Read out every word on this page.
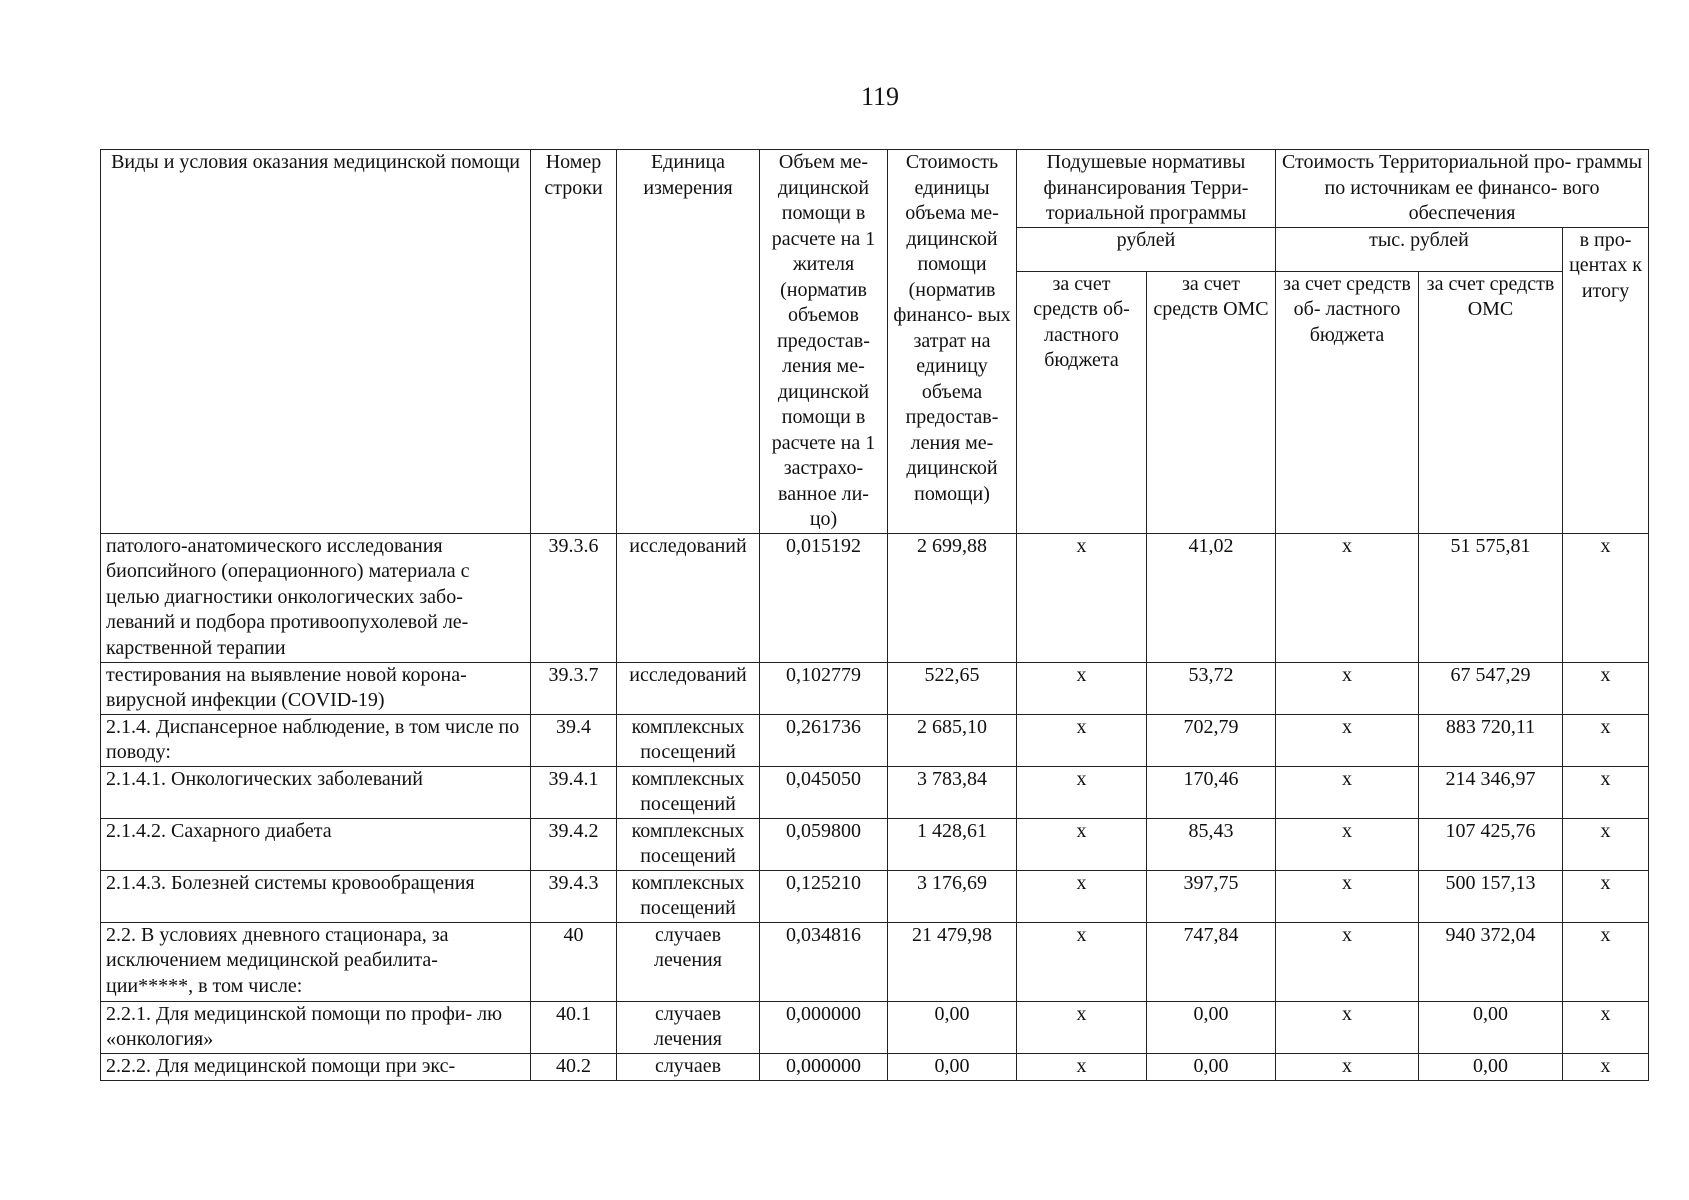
119
Виды и условия оказания медицинской помощи	Номер строки	Единица измерения	Объем ме- дицинской помощи в расчете на 1 жителя (норматив объемов предостав- ления ме- дицинской помощи в расчете на 1 застрахо- ванное ли- цо)	Стоимость единицы объема ме- дицинской помощи (норматив финансо- вых затрат на единицу объема предостав- ления ме- дицинской помощи)	Подушевые нормативы финансирования Терри- ториальной программы		Стоимость Территориальной про- граммы по источникам ее финансо- вого обеспечения		
					рублей		тыс. рублей		в про- центах к итогу
					за счет средств об- ластного бюджета	за счет средств ОМС	за счет средств об- ластного бюджета	за счет средств ОМС	

патолого-анатомического исследования биопсийного (операционного) материала с целью диагностики онкологических забо- леваний и подбора противоопухолевой ле- карственной терапии	39.3.6	исследований	0,015192	2 699,88	x	41,02	x	51 575,81	x
тестирования на выявление новой корона- вирусной инфекции (COVID-19)	39.3.7	исследований	0,102779	522,65	x	53,72	x	67 547,29	x
2.1.4. Диспансерное наблюдение, в том числе по поводу:	39.4	комплексных посещений	0,261736	2 685,10	x	702,79	x	883 720,11	x
2.1.4.1. Онкологических заболеваний	39.4.1	комплексных посещений	0,045050	3 783,84	x	170,46	x	214 346,97	x
2.1.4.2. Сахарного диабета	39.4.2	комплексных посещений	0,059800	1 428,61	x	85,43	x	107 425,76	x
2.1.4.3. Болезней системы кровообращения	39.4.3	комплексных посещений	0,125210	3 176,69	x	397,75	x	500 157,13	x
2.2. В условиях дневного стационара, за исключением медицинской реабилита- ции*****, в том числе:	40	случаев лечения	0,034816	21 479,98	x	747,84	x	940 372,04	x
2.2.1. Для медицинской помощи по профи- лю «онкология»	40.1	случаев лечения	0,000000	0,00	x	0,00	x	0,00	x
2.2.2. Для медицинской помощи при экс-	40.2	случаев	0,000000	0,00	x	0,00	x	0,00	x
